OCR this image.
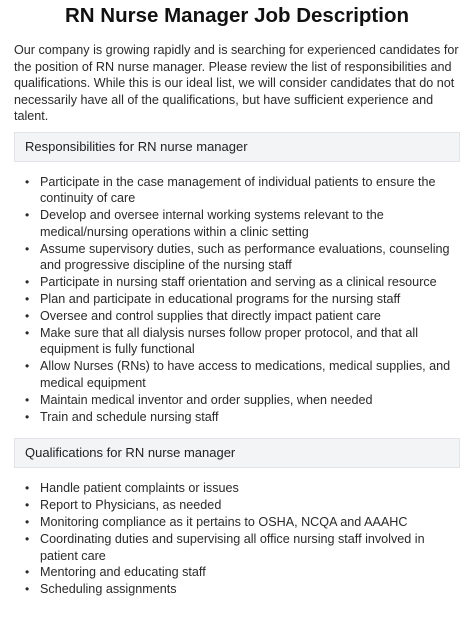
RN Nurse Manager Job Description

Our company is growing rapidly and is searching for experienced candidates for the position of RN nurse manager. Please review the list of responsibilities and qualifications. While this is our ideal list, we will consider candidates that do not necessarily have all of the qualifications, but have sufficient experience and talent.

Responsibilities for RN nurse manager
• Participate in the case management of individual patients to ensure the continuity of care
• Develop and oversee internal working systems relevant to the medical/nursing operations within a clinic setting
• Assume supervisory duties, such as performance evaluations, counseling and progressive discipline of the nursing staff
• Participate in nursing staff orientation and serving as a clinical resource
• Plan and participate in educational programs for the nursing staff
• Oversee and control supplies that directly impact patient care
• Make sure that all dialysis nurses follow proper protocol, and that all equipment is fully functional
• Allow Nurses (RNs) to have access to medications, medical supplies, and medical equipment
• Maintain medical inventor and order supplies, when needed
• Train and schedule nursing staff
Qualifications for RN nurse manager
• Handle patient complaints or issues
• Report to Physicians, as needed
• Monitoring compliance as it pertains to OSHA, NCQA and AAAHC
• Coordinating duties and supervising all office nursing staff involved in patient care
• Mentoring and educating staff
• Scheduling assignments
